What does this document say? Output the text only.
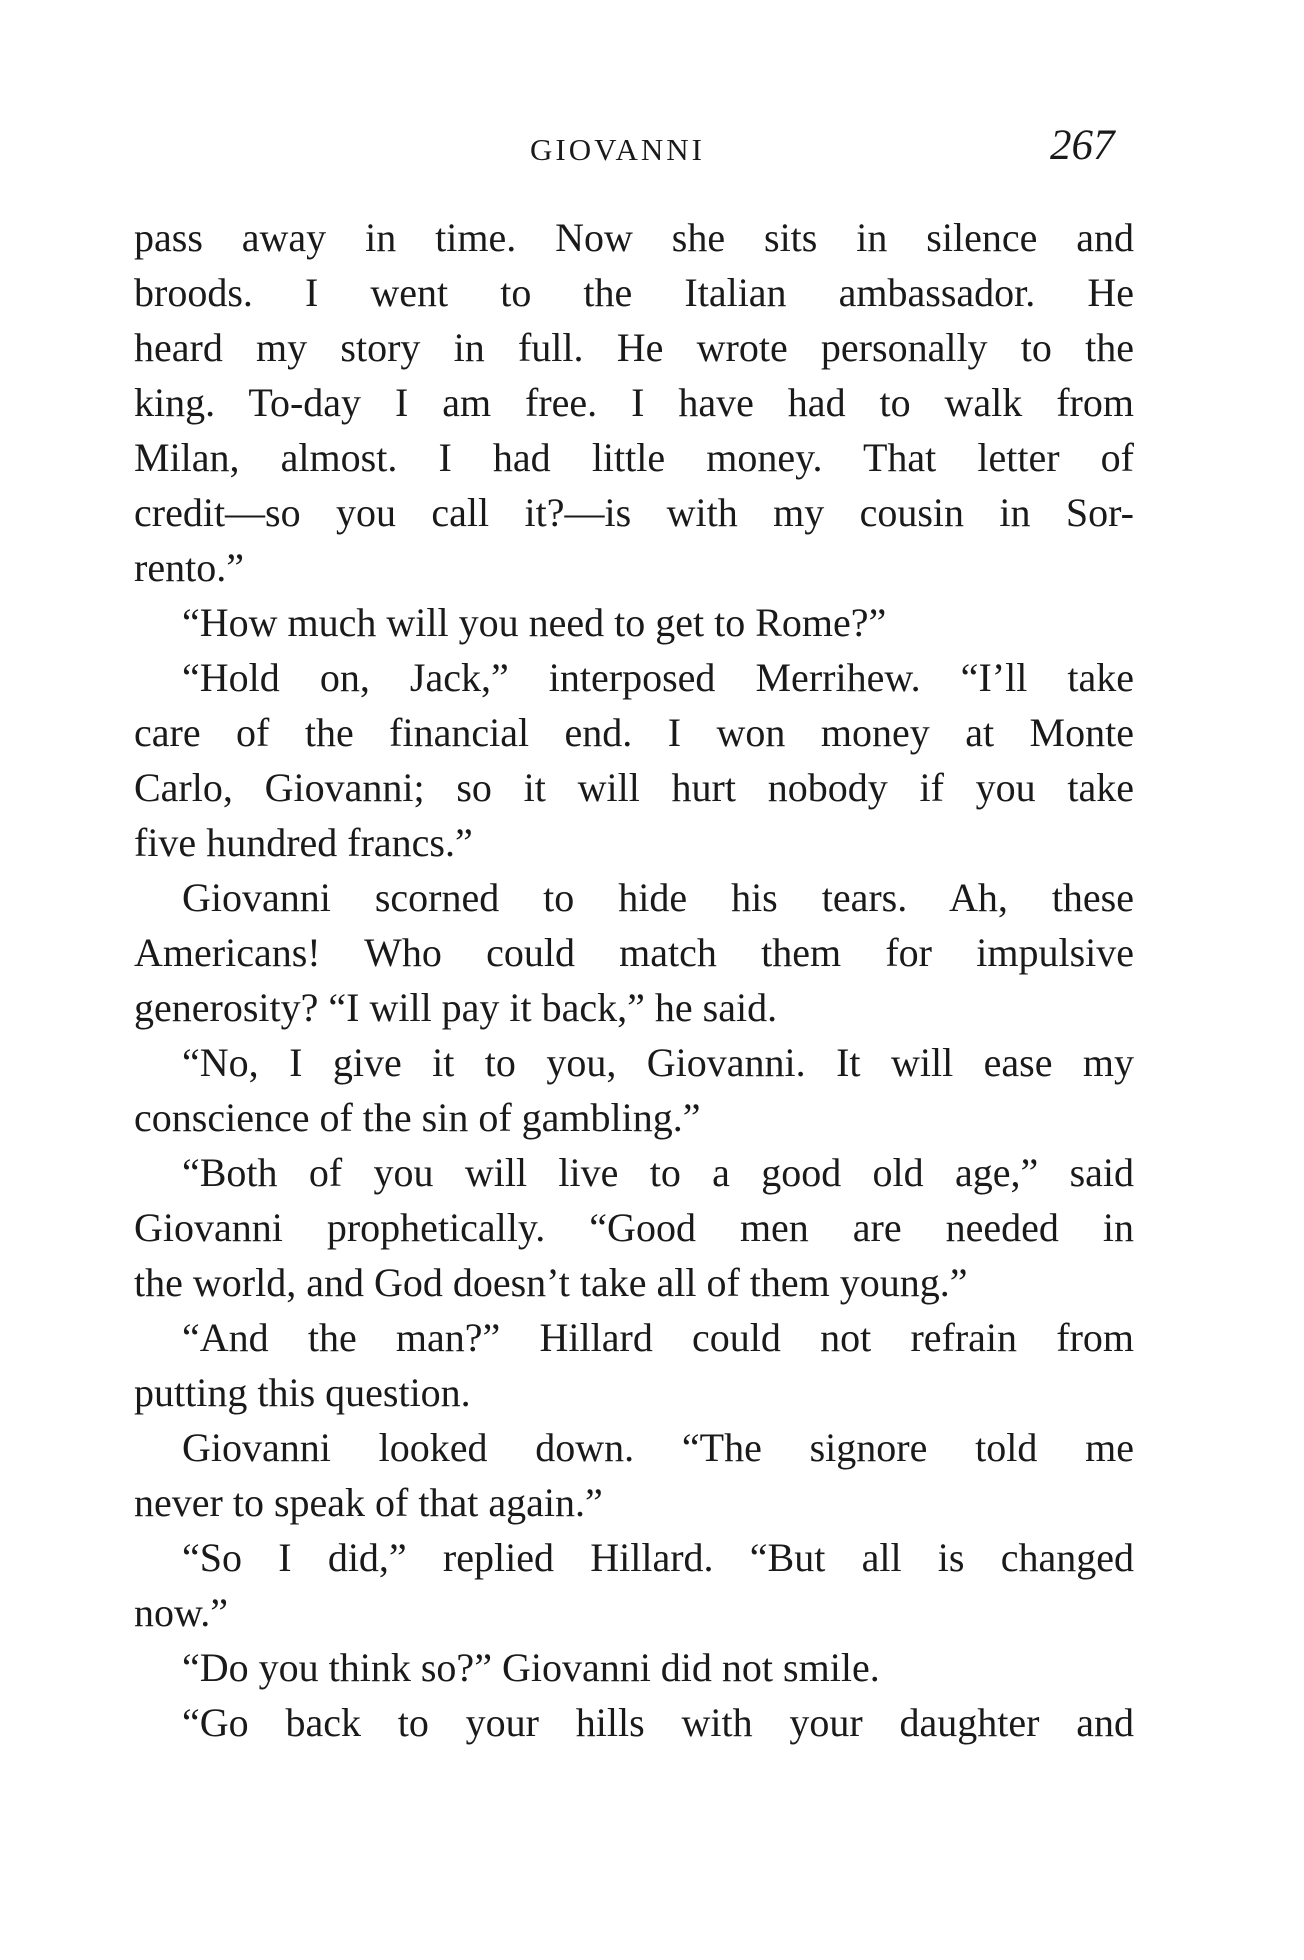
GIOVANNI	267
pass away in time. Now she sits in silence and
broods. I went to the Italian ambassador. He
heard my story in full. He wrote personally to the
king. To-day I am free. I have had to walk from
Milan, almost. I had little money. That letter of
credit—so you call it?—is with my cousin in Sor-
rento.”
“How much will you need to get to Rome?”
“Hold on, Jack,” interposed Merrihew. “I’ll take
care of the financial end. I won money at Monte
Carlo, Giovanni; so it will hurt nobody if you take
five hundred francs.”
Giovanni scorned to hide his tears. Ah, these
Americans! Who could match them for impulsive
generosity? “I will pay it back,” he said.
“No, I give it to you, Giovanni. It will ease my
conscience of the sin of gambling.”
“Both of you will live to a good old age,” said
Giovanni prophetically. “Good men are needed in
the world, and God doesn’t take all of them young.”
“And the man?” Hillard could not refrain from
putting this question.
Giovanni looked down. “The signore told me
never to speak of that again.”
“So I did,” replied Hillard. “But all is changed
now.”
“Do you think so?” Giovanni did not smile.
“Go back to your hills with your daughter and
